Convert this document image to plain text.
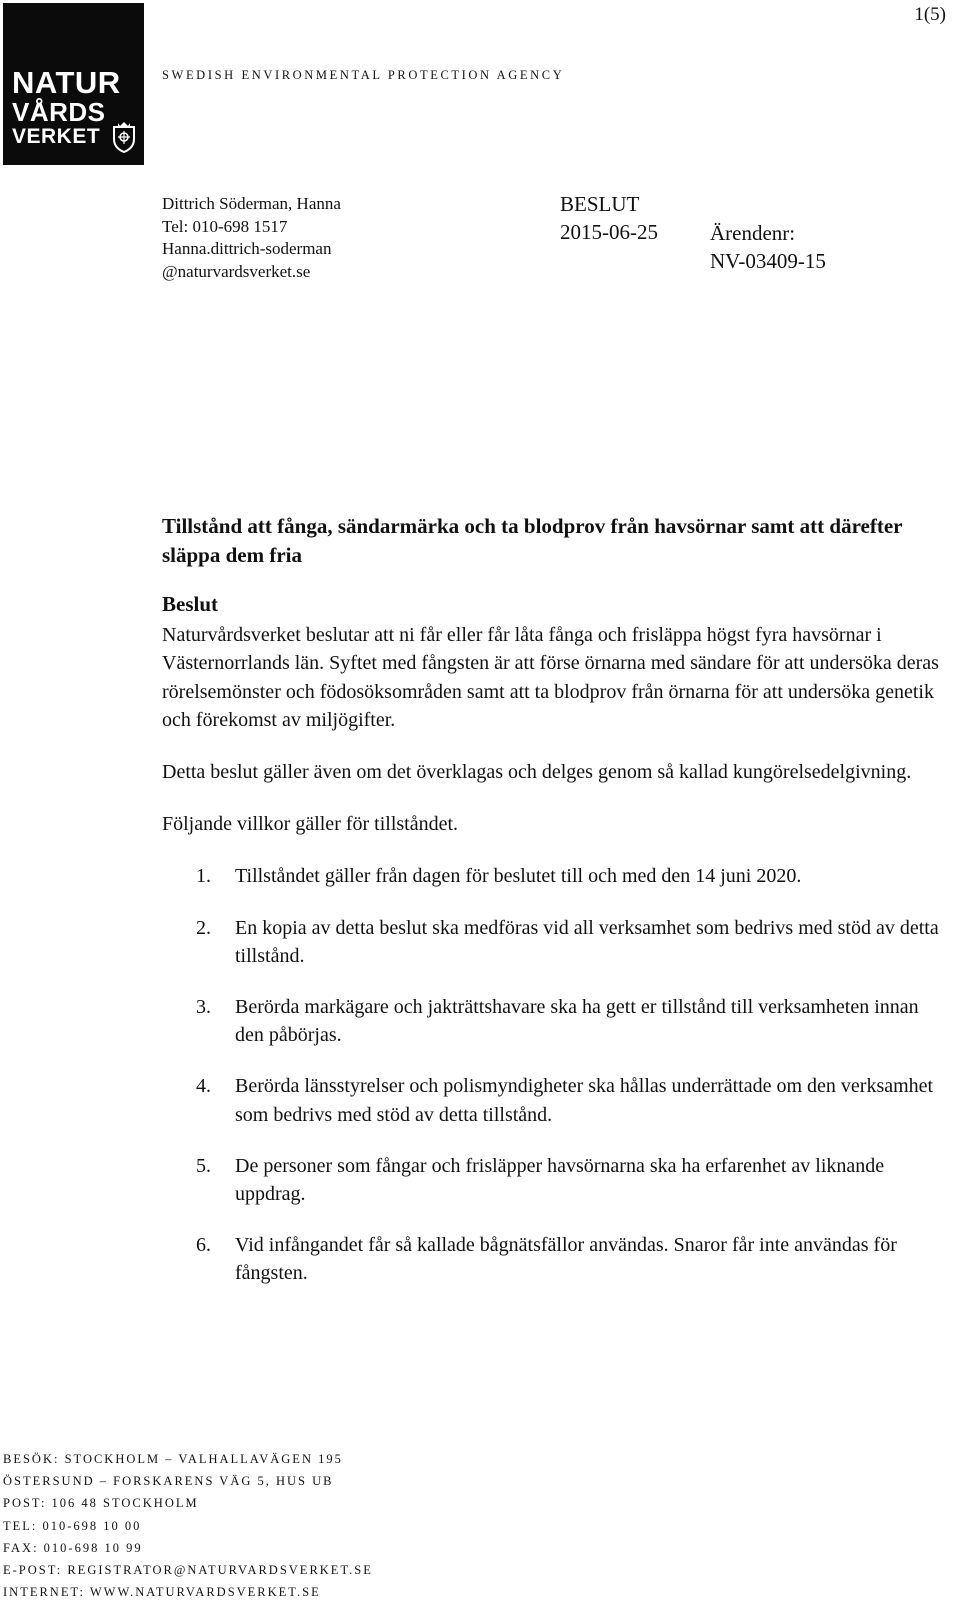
1(5)
NATUR
VÅRDS
VERKET
SWEDISH ENVIRONMENTAL PROTECTION AGENCY
Dittrich Söderman, Hanna
Tel: 010-698 1517
Hanna.dittrich-soderman
@naturvardsverket.se
BESLUT
2015-06-25 Ärendenr:
NV-03409-15

Tillstånd att fånga, sändarmärka och ta blodprov från havsörnar samt att därefter släppa dem fria

Beslut

Naturvårdsverket beslutar att ni får eller får låta fånga och frisläppa högst fyra havsörnar i Västernorrlands län. Syftet med fångsten är att förse örnarna med sändare för att undersöka deras rörelsemönster och födosöksområden samt att ta blodprov från örnarna för att undersöka genetik och förekomst av miljögifter.

Detta beslut gäller även om det överklagas och delges genom så kallad kungörelsedelgivning.

Följande villkor gäller för tillståndet.

1. Tillståndet gäller från dagen för beslutet till och med den 14 juni 2020.
2. En kopia av detta beslut ska medföras vid all verksamhet som bedrivs med stöd av detta tillstånd.
3. Berörda markägare och jakträttshavare ska ha gett er tillstånd till verksamheten innan den påbörjas.
4. Berörda länsstyrelser och polismyndigheter ska hållas underrättade om den verksamhet som bedrivs med stöd av detta tillstånd.
5. De personer som fångar och frisläpper havsörnarna ska ha erfarenhet av liknande uppdrag.
6. Vid infångandet får så kallade bågnätsfällor användas. Snaror får inte användas för fångsten.
BESÖK: STOCKHOLM – VALHALLAVÄGEN 195
ÖSTERSUND – FORSKARENS VÄG 5, HUS UB
POST: 106 48 STOCKHOLM
TEL: 010-698 10 00
FAX: 010-698 10 99
E-POST: REGISTRATOR@NATURVARDSVERKET.SE
INTERNET: WWW.NATURVARDSVERKET.SE
